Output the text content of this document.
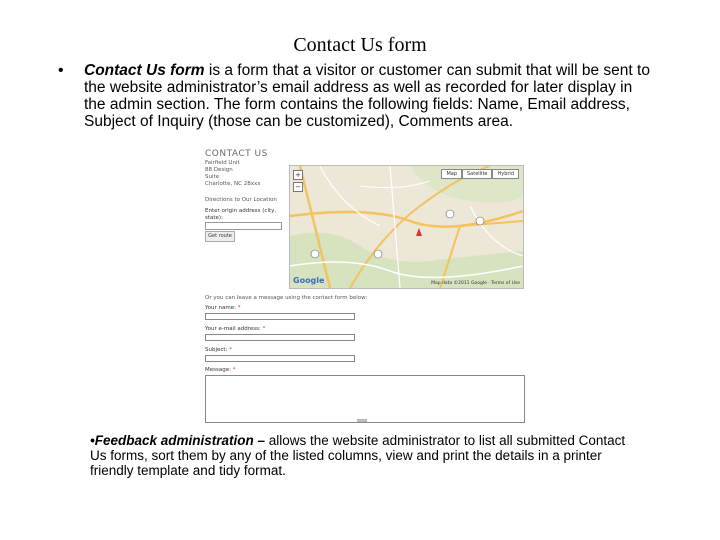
Contact Us form
• Contact Us form is a form that a visitor or customer can submit that will be sent to the website administrator’s email address as well as recorded for later display in the admin section. The form contains the following fields: Name, Email address, Subject of Inquiry (those can be customized), Comments area.
CONTACT US
Fairfield Unit
88 Design
Suite
Charlotte, NC 28xxx
Directions to Our Location
Enter origin address (city, state):
Get route
+
−
Map	Satellite	Hybrid
Google	Map data ©2011 Google · Terms of Use
Or you can leave a message using the contact form below:
Your name: *
Your e-mail address: *
Subject: *
Message: *
•Feedback administration – allows the website administrator to list all submitted Contact Us forms, sort them by any of the listed columns, view and print the details in a printer friendly template and tidy format.
